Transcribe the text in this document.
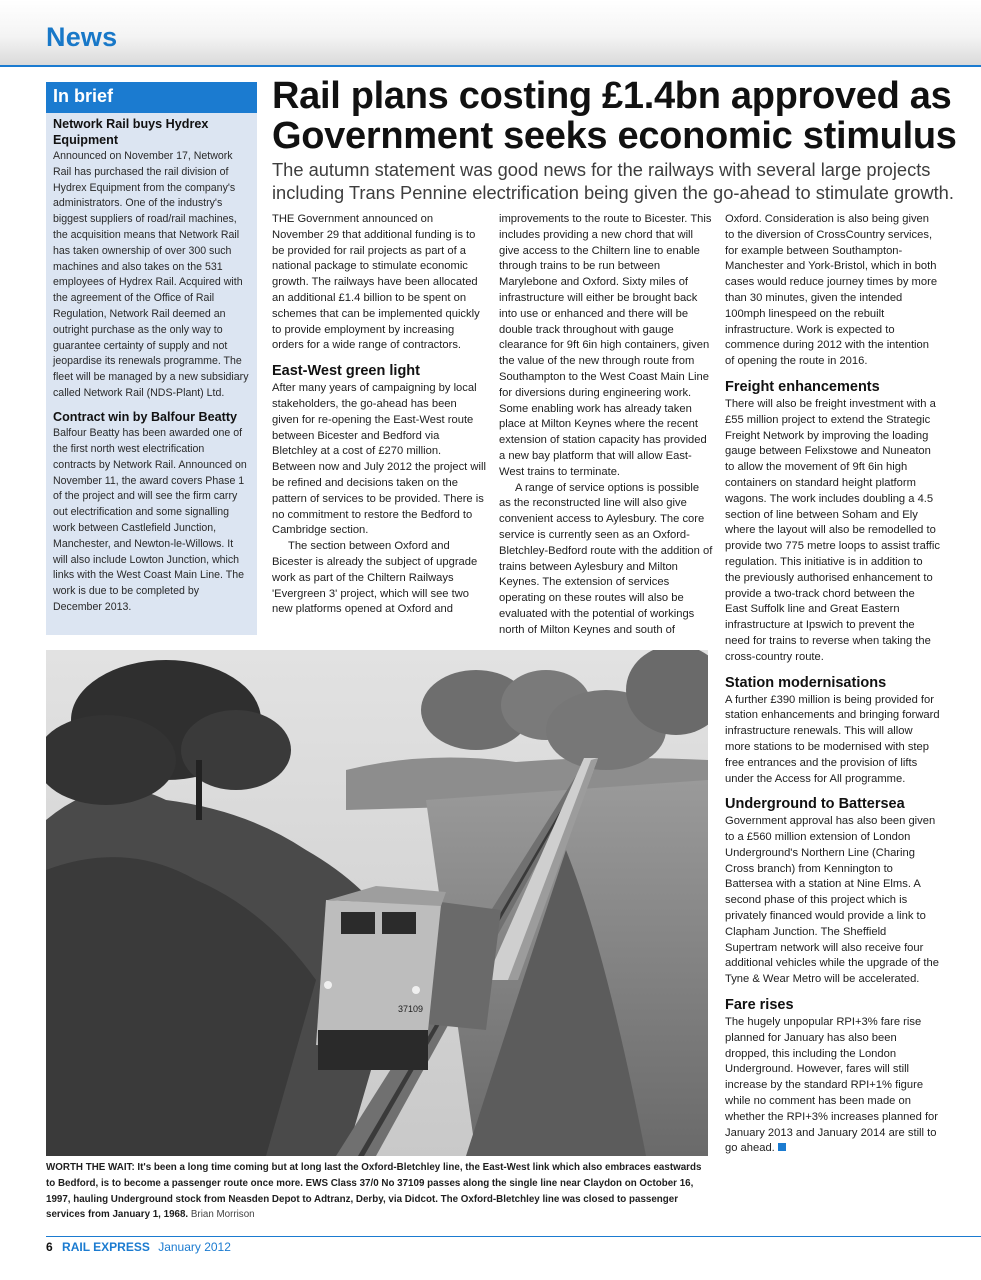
News
In brief
Network Rail buys Hydrex Equipment

Announced on November 17, Network Rail has purchased the rail division of Hydrex Equipment from the company's administrators. One of the industry's biggest suppliers of road/rail machines, the acquisition means that Network Rail has taken ownership of over 300 such machines and also takes on the 531 employees of Hydrex Rail. Acquired with the agreement of the Office of Rail Regulation, Network Rail deemed an outright purchase as the only way to guarantee certainty of supply and not jeopardise its renewals programme. The fleet will be managed by a new subsidiary called Network Rail (NDS-Plant) Ltd.

Contract win by Balfour Beatty

Balfour Beatty has been awarded one of the first north west electrification contracts by Network Rail. Announced on November 11, the award covers Phase 1 of the project and will see the firm carry out electrification and some signalling work between Castlefield Junction, Manchester, and Newton-le-Willows. It will also include Lowton Junction, which links with the West Coast Main Line. The work is due to be completed by December 2013.

Rail plans costing £1.4bn approved as Government seeks economic stimulus

The autumn statement was good news for the railways with several large projects including Trans Pennine electrification being given the go-ahead to stimulate growth.

THE Government announced on November 29 that additional funding is to be provided for rail projects as part of a national package to stimulate economic growth. The railways have been allocated an additional £1.4 billion to be spent on schemes that can be implemented quickly to provide employment by increasing orders for a wide range of contractors.

East-West green light

After many years of campaigning by local stakeholders, the go-ahead has been given for re-opening the East-West route between Bicester and Bedford via Bletchley at a cost of £270 million. Between now and July 2012 the project will be refined and decisions taken on the pattern of services to be provided. There is no commitment to restore the Bedford to Cambridge section.

The section between Oxford and Bicester is already the subject of upgrade work as part of the Chiltern Railways 'Evergreen 3' project, which will see two new platforms opened at Oxford and

improvements to the route to Bicester. This includes providing a new chord that will give access to the Chiltern line to enable through trains to be run between Marylebone and Oxford. Sixty miles of infrastructure will either be brought back into use or enhanced and there will be double track throughout with gauge clearance for 9ft 6in high containers, given the value of the new through route from Southampton to the West Coast Main Line for diversions during engineering work. Some enabling work has already taken place at Milton Keynes where the recent extension of station capacity has provided a new bay platform that will allow East-West trains to terminate.

A range of service options is possible as the reconstructed line will also give convenient access to Aylesbury. The core service is currently seen as an Oxford-Bletchley-Bedford route with the addition of trains between Aylesbury and Milton Keynes. The extension of services operating on these routes will also be evaluated with the potential of workings north of Milton Keynes and south of

Oxford. Consideration is also being given to the diversion of CrossCountry services, for example between Southampton-Manchester and York-Bristol, which in both cases would reduce journey times by more than 30 minutes, given the intended 100mph linespeed on the rebuilt infrastructure. Work is expected to commence during 2012 with the intention of opening the route in 2016.

Freight enhancements

There will also be freight investment with a £55 million project to extend the Strategic Freight Network by improving the loading gauge between Felixstowe and Nuneaton to allow the movement of 9ft 6in high containers on standard height platform wagons. The work includes doubling a 4.5 section of line between Soham and Ely where the layout will also be remodelled to provide two 775 metre loops to assist traffic regulation. This initiative is in addition to the previously authorised enhancement to provide a two-track chord between the East Suffolk line and Great Eastern infrastructure at Ipswich to prevent the need for trains to reverse when taking the cross-country route.

Station modernisations

A further £390 million is being provided for station enhancements and bringing forward infrastructure renewals. This will allow more stations to be modernised with step free entrances and the provision of lifts under the Access for All programme.

Underground to Battersea

Government approval has also been given to a £560 million extension of London Underground's Northern Line (Charing Cross branch) from Kennington to Battersea with a station at Nine Elms. A second phase of this project which is privately financed would provide a link to Clapham Junction. The Sheffield Supertram network will also receive four additional vehicles while the upgrade of the Tyne & Wear Metro will be accelerated.

Fare rises

The hugely unpopular RPI+3% fare rise planned for January has also been dropped, this including the London Underground. However, fares will still increase by the standard RPI+1% figure while no comment has been made on whether the RPI+3% increases planned for January 2013 and January 2014 are still to go ahead.

37109
WORTH THE WAIT: It's been a long time coming but at long last the Oxford-Bletchley line, the East-West link which also embraces eastwards to Bedford, is to become a passenger route once more. EWS Class 37/0 No 37109 passes along the single line near Claydon on October 16, 1997, hauling Underground stock from Neasden Depot to Adtranz, Derby, via Didcot. The Oxford-Bletchley line was closed to passenger services from January 1, 1968. Brian Morrison
6 RAIL EXPRESS January 2012
